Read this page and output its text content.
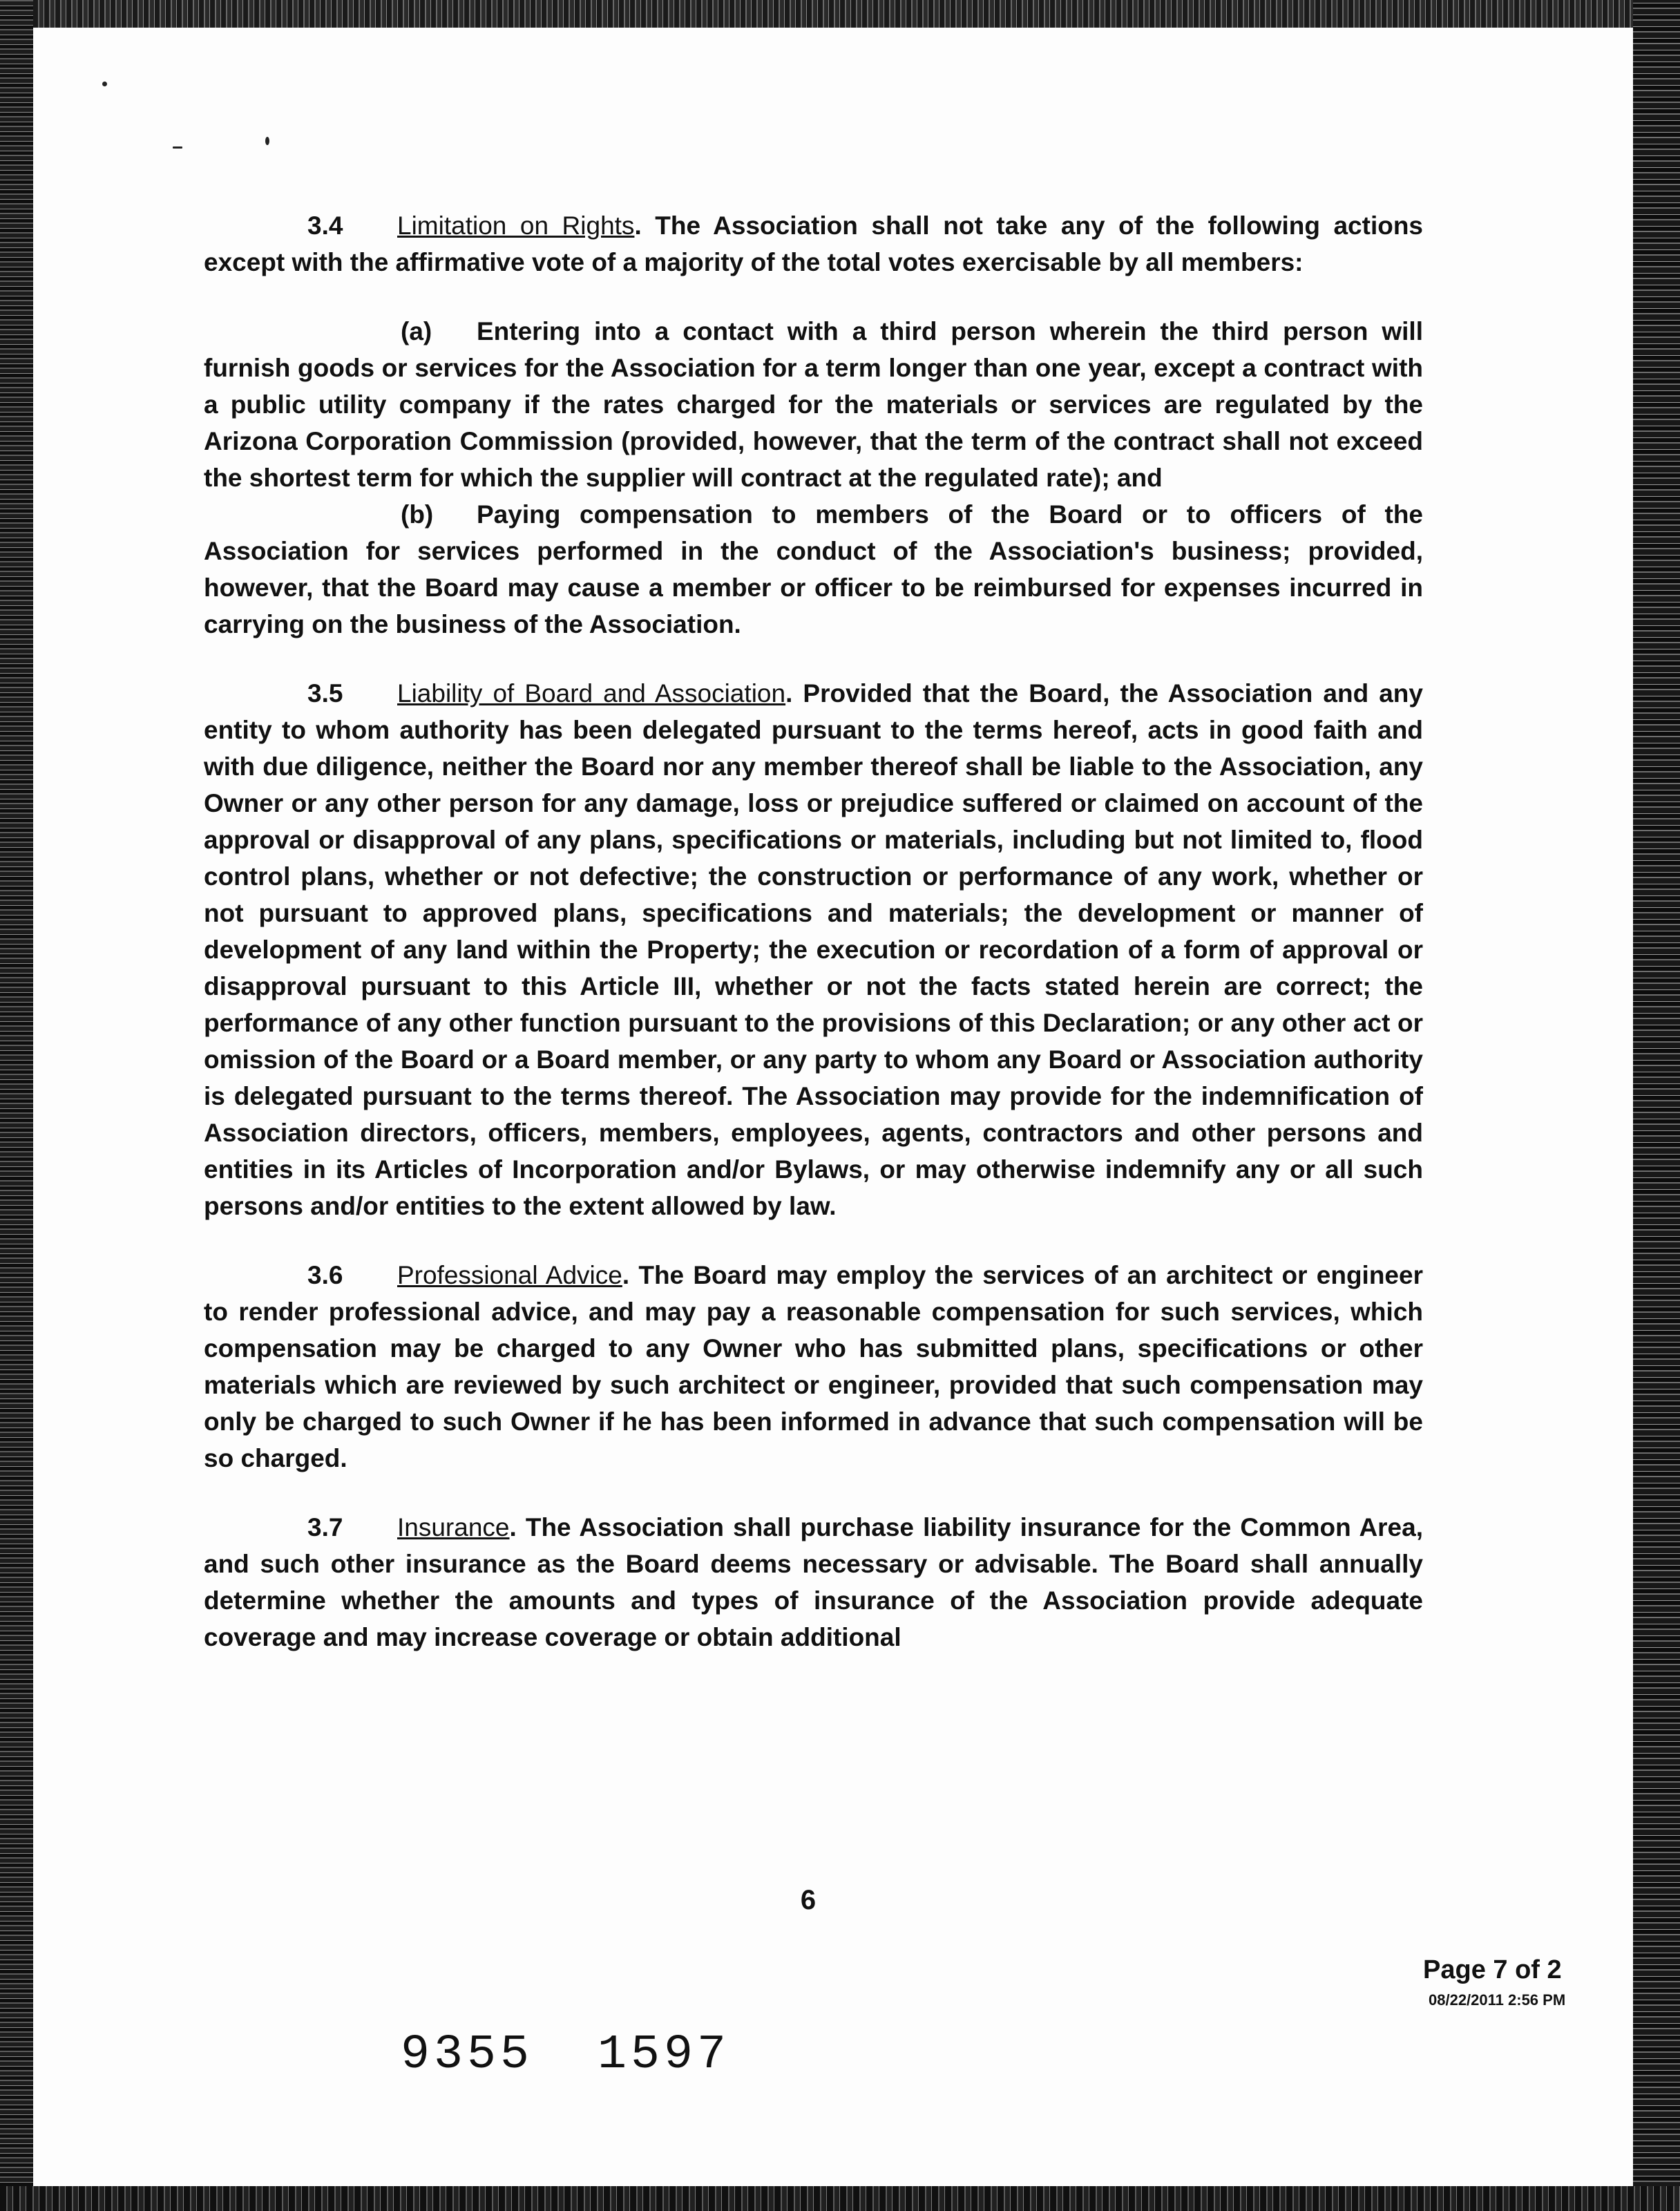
3.4 Limitation on Rights. The Association shall not take any of the following actions except with the affirmative vote of a majority of the total votes exercisable by all members:

(a) Entering into a contact with a third person wherein the third person will furnish goods or services for the Association for a term longer than one year, except a contract with a public utility company if the rates charged for the materials or services are regulated by the Arizona Corporation Commission (provided, however, that the term of the contract shall not exceed the shortest term for which the supplier will contract at the regulated rate); and

(b) Paying compensation to members of the Board or to officers of the Association for services performed in the conduct of the Association's business; provided, however, that the Board may cause a member or officer to be reimbursed for expenses incurred in carrying on the business of the Association.

3.5 Liability of Board and Association. Provided that the Board, the Association and any entity to whom authority has been delegated pursuant to the terms hereof, acts in good faith and with due diligence, neither the Board nor any member thereof shall be liable to the Association, any Owner or any other person for any damage, loss or prejudice suffered or claimed on account of the approval or disapproval of any plans, specifications or materials, including but not limited to, flood control plans, whether or not defective; the construction or performance of any work, whether or not pursuant to approved plans, specifications and materials; the development or manner of development of any land within the Property; the execution or recordation of a form of approval or disapproval pursuant to this Article III, whether or not the facts stated herein are correct; the performance of any other function pursuant to the provisions of this Declaration; or any other act or omission of the Board or a Board member, or any party to whom any Board or Association authority is delegated pursuant to the terms thereof. The Association may provide for the indemnification of Association directors, officers, members, employees, agents, contractors and other persons and entities in its Articles of Incorporation and/or Bylaws, or may otherwise indemnify any or all such persons and/or entities to the extent allowed by law.

3.6 Professional Advice. The Board may employ the services of an architect or engineer to render professional advice, and may pay a reasonable compensation for such services, which compensation may be charged to any Owner who has submitted plans, specifications or other materials which are reviewed by such architect or engineer, provided that such compensation may only be charged to such Owner if he has been informed in advance that such compensation will be so charged.

3.7 Insurance. The Association shall purchase liability insurance for the Common Area, and such other insurance as the Board deems necessary or advisable. The Board shall annually determine whether the amounts and types of insurance of the Association provide adequate coverage and may increase coverage or obtain additional

6
Page 7 of 2
08/22/2011 2:56 PM
9355 1597
